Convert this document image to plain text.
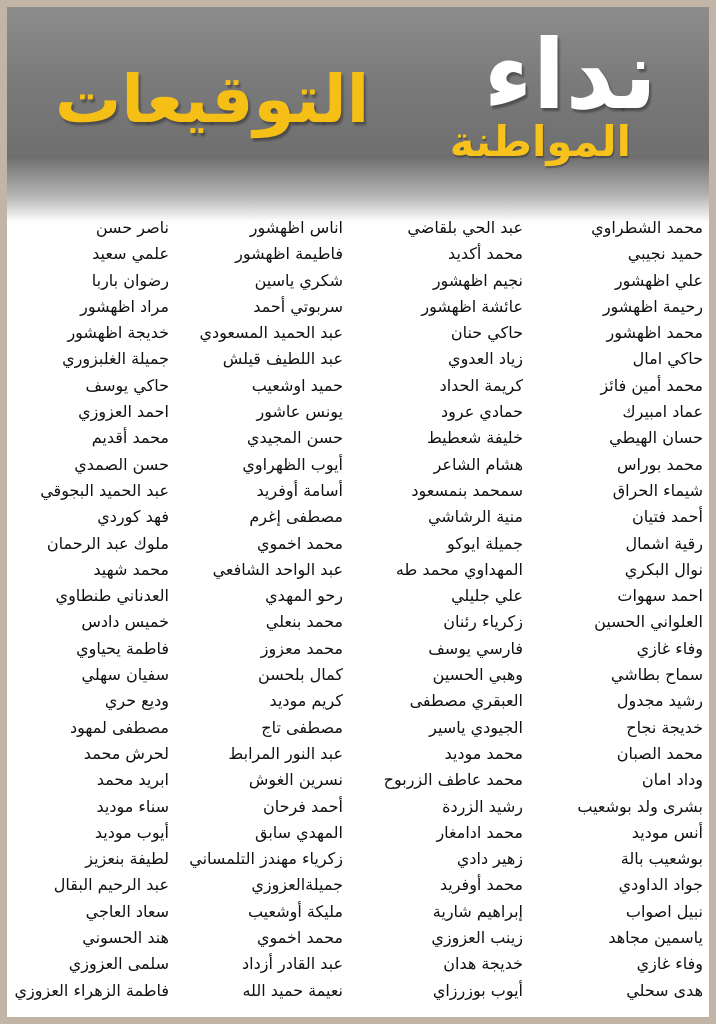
نداء
المواطنة
التوقيعات
محمد الشطراوي
عبد الحي بلقاضي
اناس اظهشور
ناصر حسن
حميد نجيبي
محمد أكديد
فاطيمة اظهشور
علمي سعيد
علي اظهشور
نجيم اظهشور
شكري ياسين
رضوان باربا
رحيمة اظهشور
عائشة اظهشور
سربوتي أحمد
مراد اظهشور
محمد اظهشور
حاكي حنان
عبد الحميد المسعودي
خديجة اظهشور
حاكي امال
زياد العدوي
عبد اللطيف قيلش
جميلة الغلبزوري
محمد أمين فائز
كريمة الحداد
حميد اوشعيب
حاكي يوسف
عماد امبيرك
حمادي عرود
يونس عاشور
احمد العزوزي
حسان الهيطي
خليفة شعطيط
حسن المجيدي
محمد أقديم
محمد بوراس
هشام الشاعر
أيوب الظهراوي
حسن الصمدي
شيماء الحراق
سمحمد بنمسعود
أسامة أوفريد
عبد الحميد البجوقي
أحمد فتيان
منية الرشاشي
مصطفى إغرم
فهد كوردي
رقية اشمال
جميلة ايوكو
محمد اخموي
ملوك عبد الرحمان
نوال البكري
المهداوي محمد طه
عبد الواحد الشافعي
محمد شهيد
احمد سهوات
علي جليلي
رحو المهدي
العدناني طنطاوي
العلواني الحسين
زكرياء رئنان
محمد بنعلي
خميس دادس
وفاء غازي
فارسي يوسف
محمد معزوز
فاطمة يحياوي
سماح بطاشي
وهبي الحسين
كمال بلحسن
سفيان سهلي
رشيد مجدول
العبقري مصطفى
كريم موديد
وديع حري
خديجة نجاح
الجيودي ياسير
مصطفى تاج
مصطفى لمهود
محمد الصبان
محمد موديد
عبد النور المرابط
لحرش محمد
وداد امان
محمد عاطف الزربوح
نسرين الغوش
ابريد محمد
بشرى ولد بوشعيب
رشيد الزردة
أحمد فرحان
سناء موديد
أنس موديد
محمد ادامغار
المهدي سابق
أيوب موديد
بوشعيب بالة
زهير دادي
زكرياء مهندز التلمساني
لطيفة بنعزيز
جواد الداودي
محمد أوفريد
جميلةالعزوزي
عبد الرحيم البقال
نبيل اصواب
إبراهيم شارية
مليكة أوشعيب
سعاد العاجي
ياسمين مجاهد
زينب العزوزي
محمد اخموي
هند الحسوني
وفاء غازي
خديجة هدان
عبد القادر أزداد
سلمى العزوزي
هدى سحلي
أيوب بوزرزاي
نعيمة حميد الله
فاطمة الزهراء العزوزي
